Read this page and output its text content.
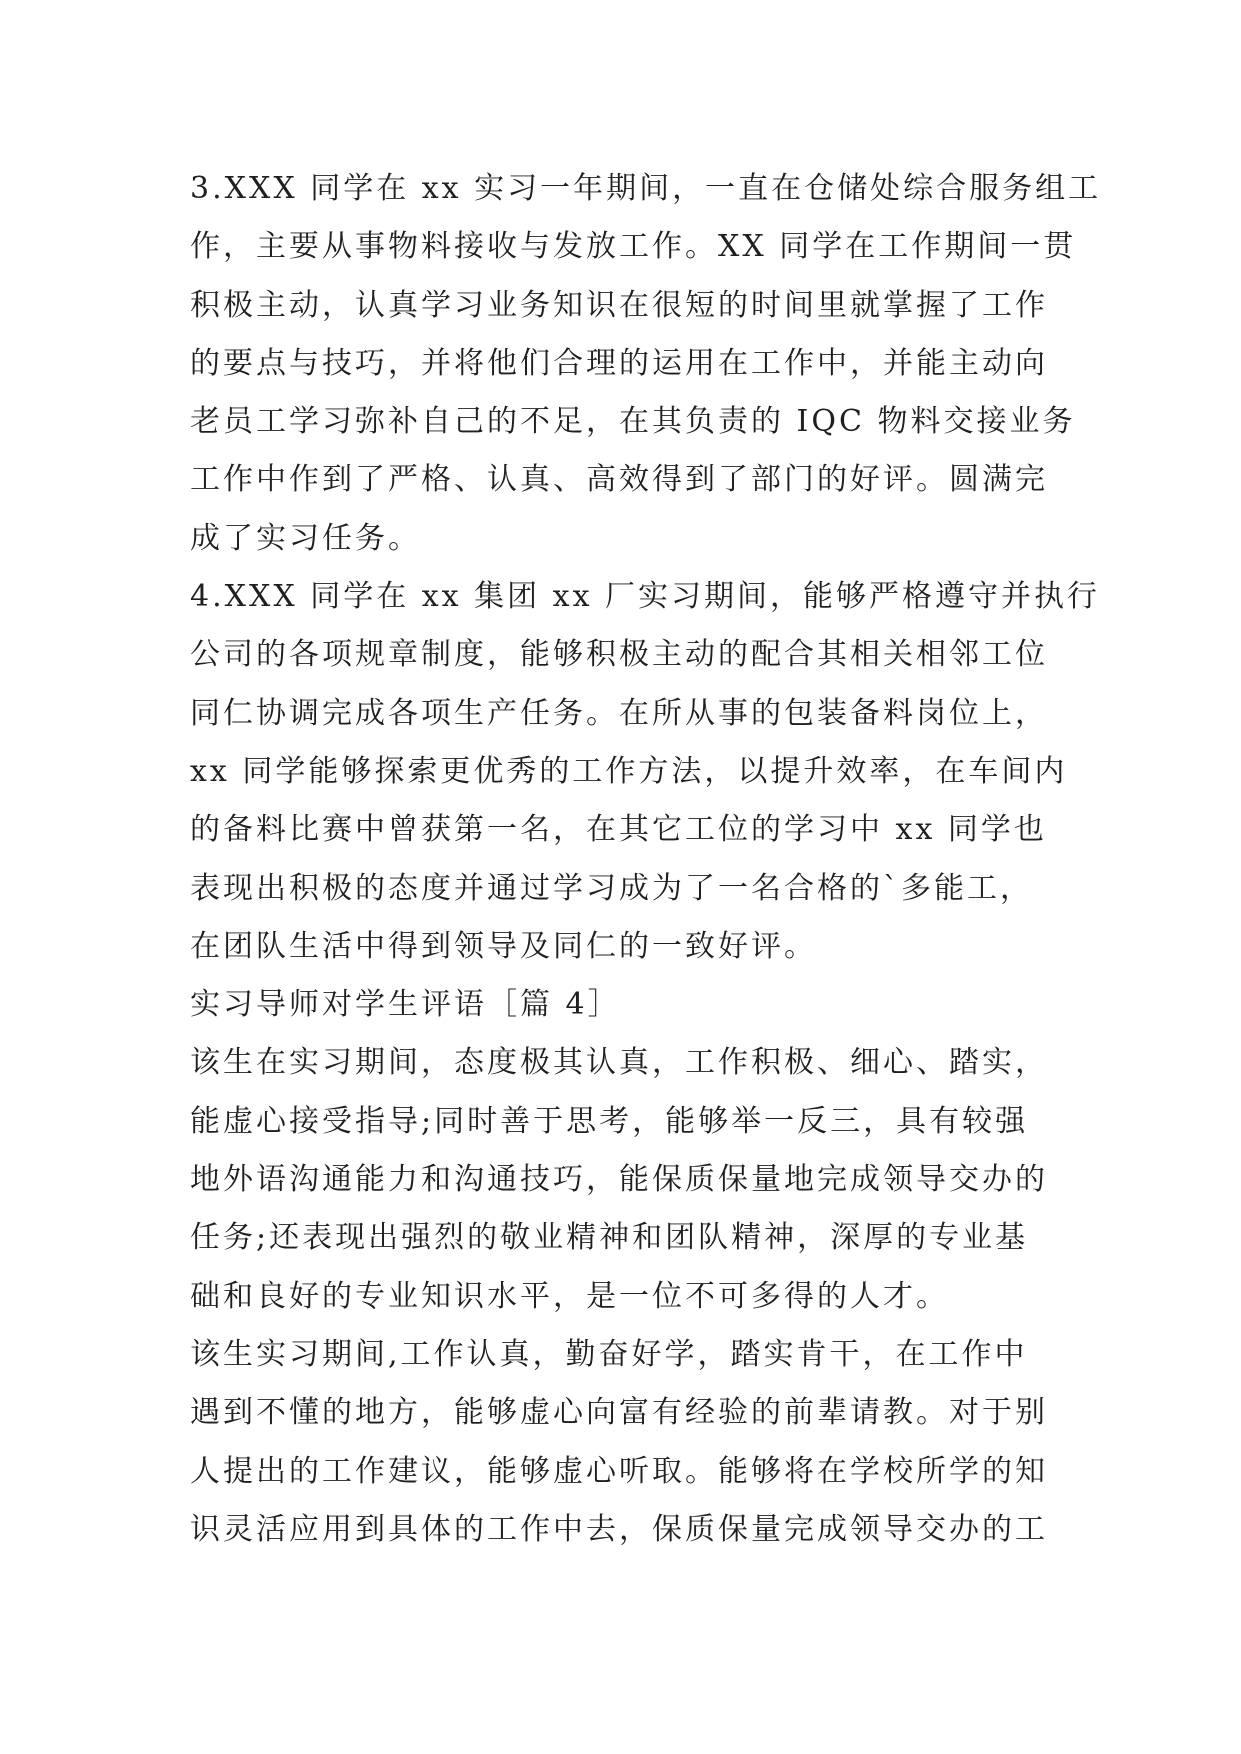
3.XXX 同学在 xx 实习一年期间，一直在仓储处综合服务组工
作，主要从事物料接收与发放工作。XX 同学在工作期间一贯
积极主动，认真学习业务知识在很短的时间里就掌握了工作
的要点与技巧，并将他们合理的运用在工作中，并能主动向
老员工学习弥补自己的不足，在其负责的 IQC 物料交接业务
工作中作到了严格、认真、高效得到了部门的好评。圆满完
成了实习任务。
4.XXX 同学在 xx 集团 xx 厂实习期间，能够严格遵守并执行
公司的各项规章制度，能够积极主动的配合其相关相邻工位
同仁协调完成各项生产任务。在所从事的包装备料岗位上，
xx 同学能够探索更优秀的工作方法，以提升效率，在车间内
的备料比赛中曾获第一名，在其它工位的学习中 xx 同学也
表现出积极的态度并通过学习成为了一名合格的`多能工，
在团队生活中得到领导及同仁的一致好评。
实习导师对学生评语［篇 4］
该生在实习期间，态度极其认真，工作积极、细心、踏实，
能虚心接受指导;同时善于思考，能够举一反三，具有较强
地外语沟通能力和沟通技巧，能保质保量地完成领导交办的
任务;还表现出强烈的敬业精神和团队精神，深厚的专业基
础和良好的专业知识水平，是一位不可多得的人才。
该生实习期间,工作认真，勤奋好学，踏实肯干，在工作中
遇到不懂的地方，能够虚心向富有经验的前辈请教。对于别
人提出的工作建议，能够虚心听取。能够将在学校所学的知
识灵活应用到具体的工作中去，保质保量完成领导交办的工
